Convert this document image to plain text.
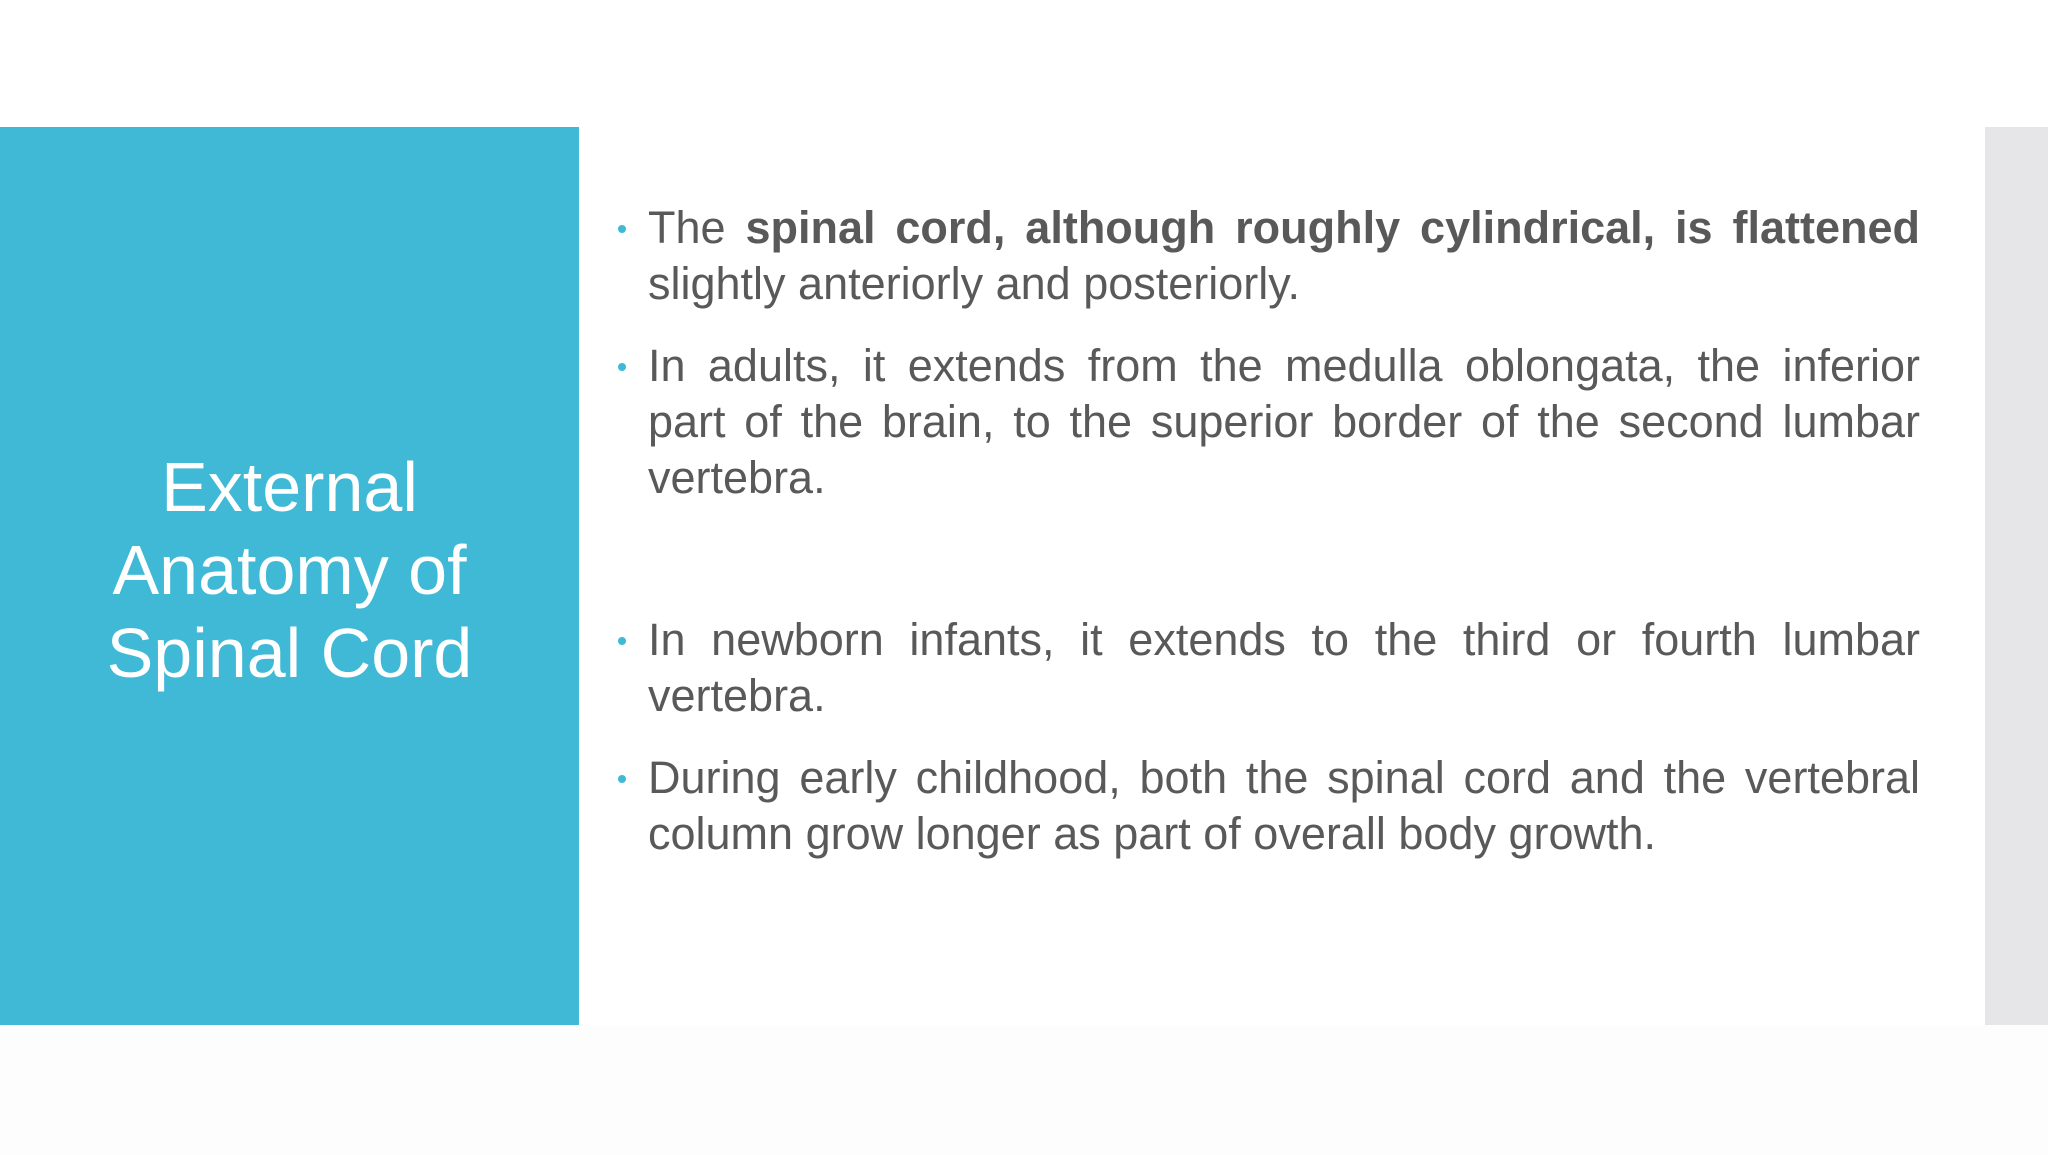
External
Anatomy of
Spinal Cord
The spinal cord, although roughly cylindrical, is flattened slightly anteriorly and posteriorly.
In adults, it extends from the medulla oblongata, the inferior part of the brain, to the superior border of the second lumbar vertebra.
In newborn infants, it extends to the third or fourth lumbar vertebra.
During early childhood, both the spinal cord and the vertebral column grow longer as part of overall body growth.
